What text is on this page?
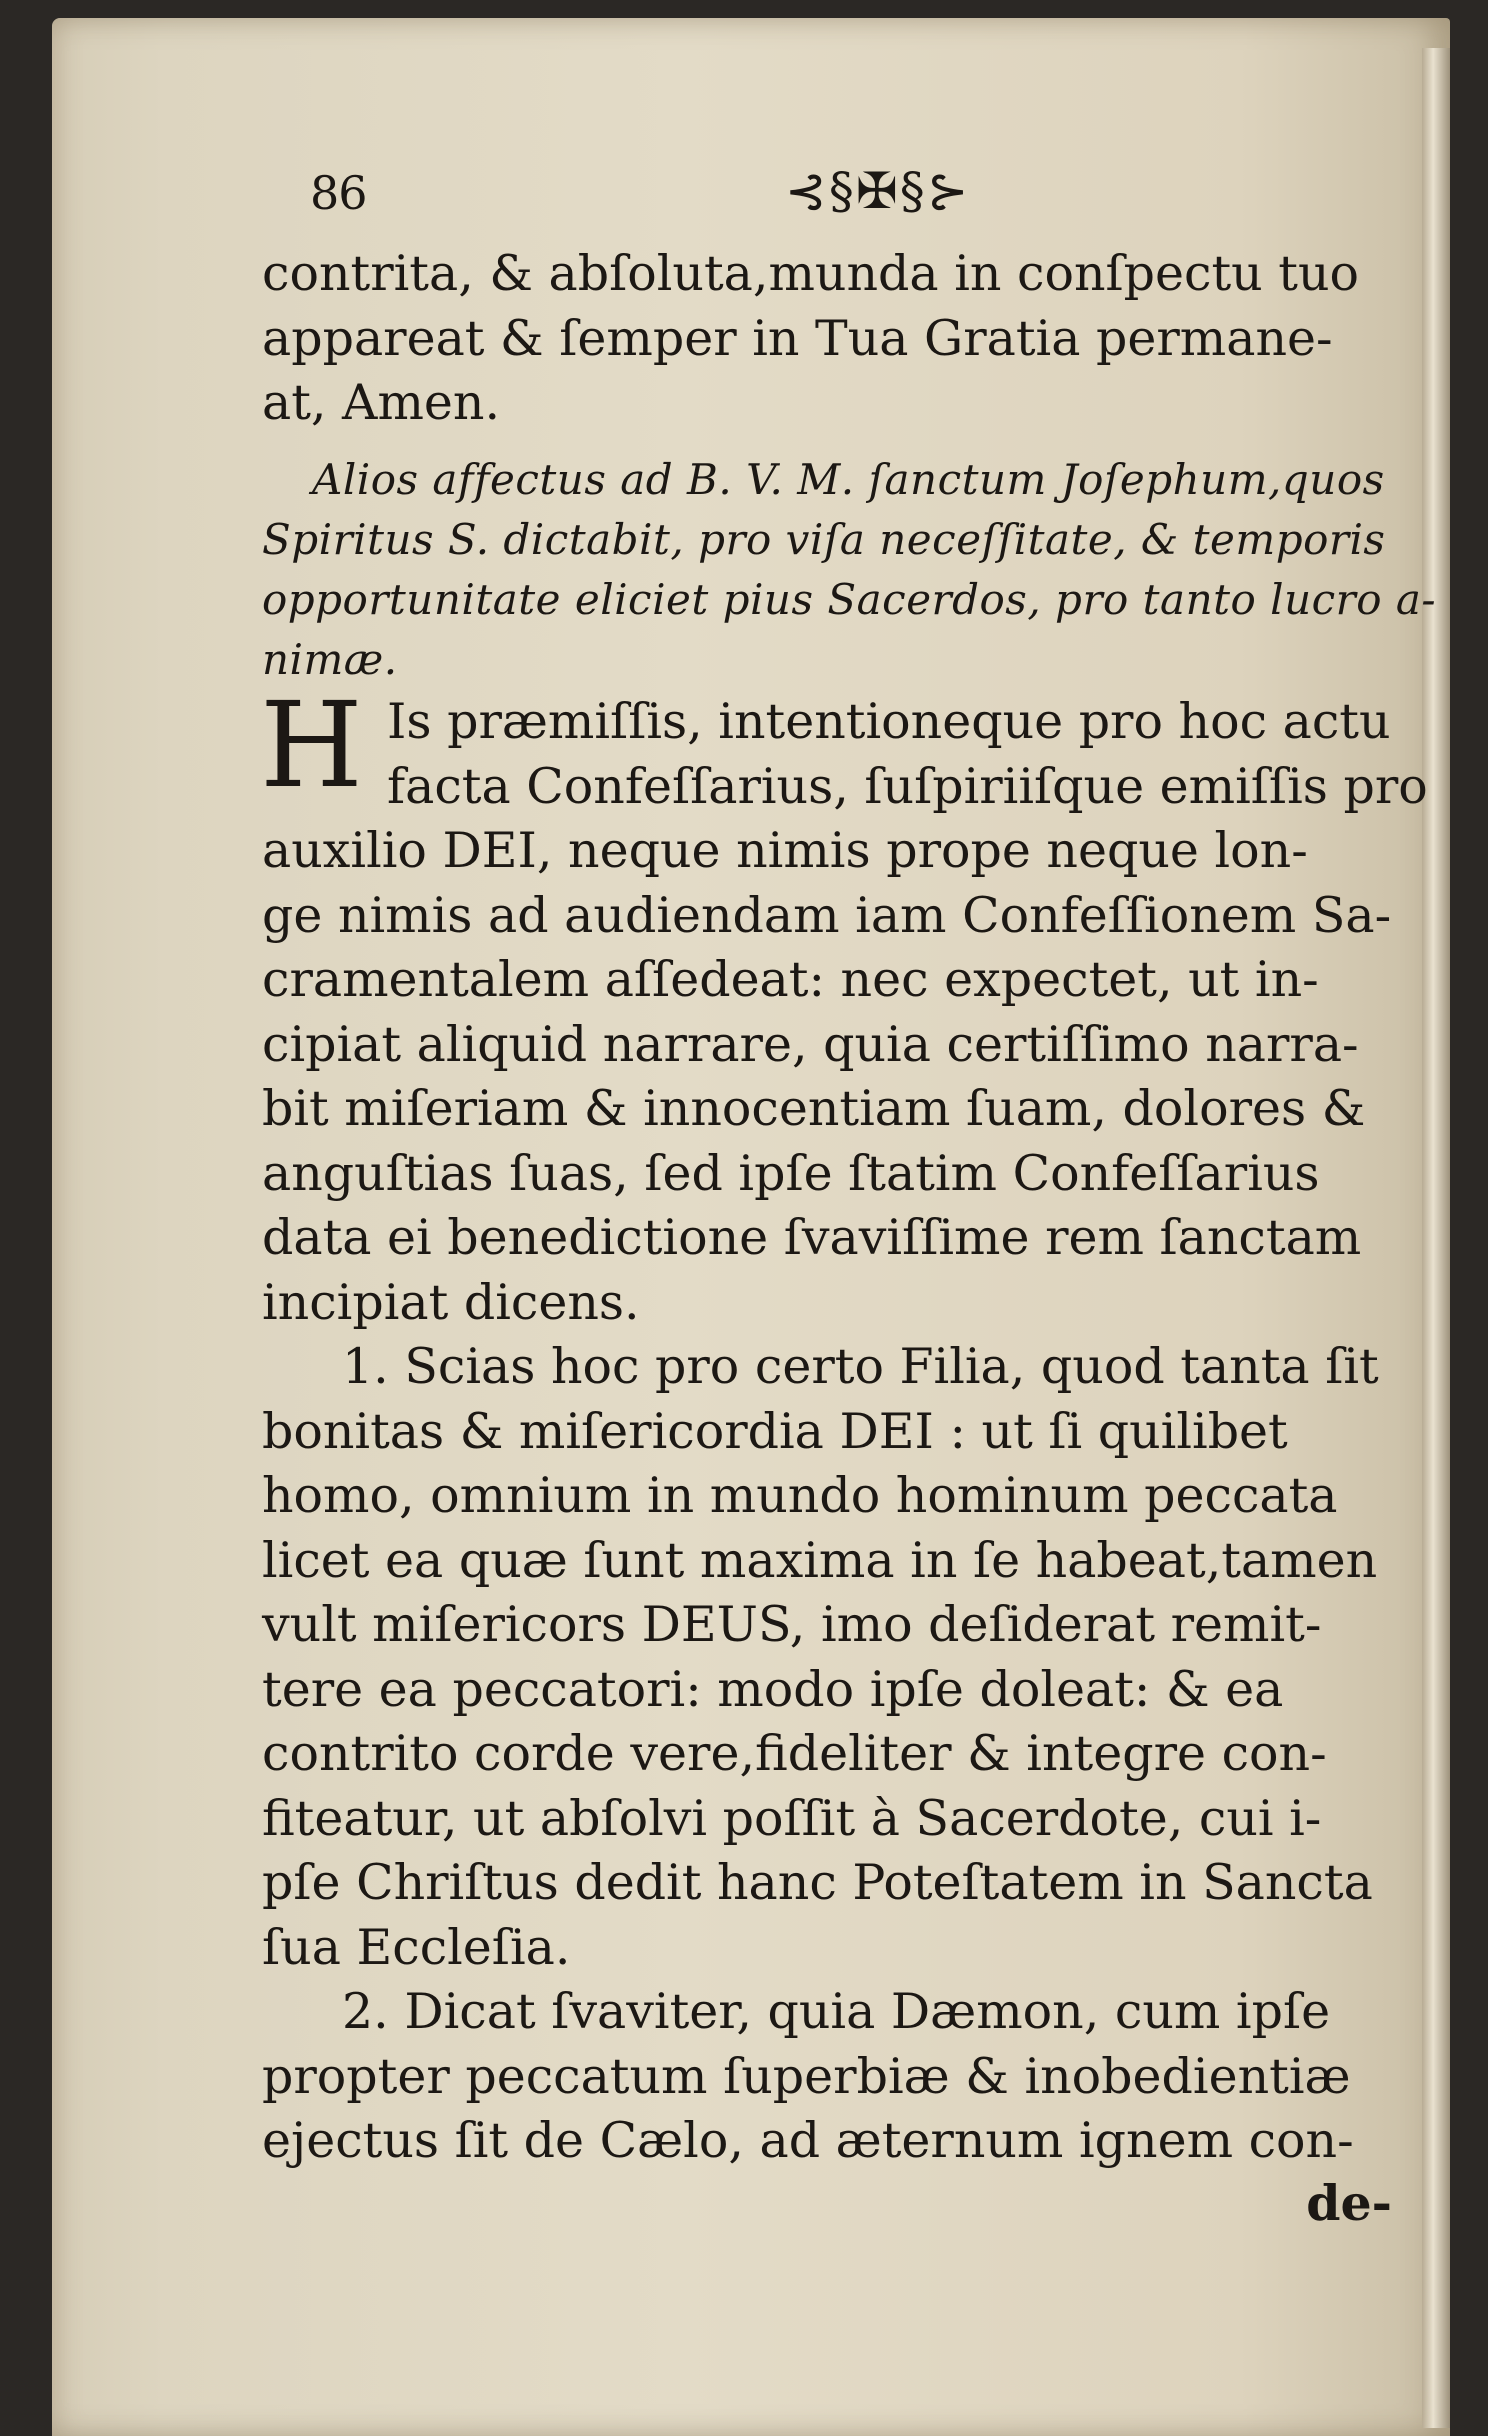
86	⊰§✠§⊱
contrita, & abſoluta,munda in conſpectu tuo
appareat & ſemper in Tua Gratia permane-
at, Amen.
Alios affectus ad B. V. M. ſanctum Joſephum,quos
Spiritus S. dictabit, pro viſa neceſſitate, & temporis
opportunitate eliciet pius Sacerdos, pro tanto lucro a-
nimæ.
H Is præmiſſis, intentioneque pro hoc actu
facta Confeſſarius, ſuſpiriiſque emiſſis pro
auxilio DEI, neque nimis prope neque lon-
ge nimis ad audiendam iam Confeſſionem Sa-
cramentalem aſſedeat: nec expectet, ut in-
cipiat aliquid narrare, quia certiſſimo narra-
bit miſeriam & innocentiam ſuam, dolores &
anguſtias ſuas, ſed ipſe ſtatim Confeſſarius
data ei benedictione ſvaviſſime rem ſanctam
incipiat dicens.
1. Scias hoc pro certo Filia, quod tanta ſit
bonitas & miſericordia DEI : ut ſi quilibet
homo, omnium in mundo hominum peccata
licet ea quæ ſunt maxima in ſe habeat,tamen
vult miſericors DEUS, imo deſiderat remit-
tere ea peccatori: modo ipſe doleat: & ea
contrito corde vere,fideliter & integre con-
fiteatur, ut abſolvi poſſit à Sacerdote, cui i-
pſe Chriſtus dedit hanc Poteſtatem in Sancta
ſua Eccleſia.
2. Dicat ſvaviter, quia Dæmon, cum ipſe
propter peccatum ſuperbiæ & inobedientiæ
ejectus ſit de Cælo, ad æternum ignem con-
de-
